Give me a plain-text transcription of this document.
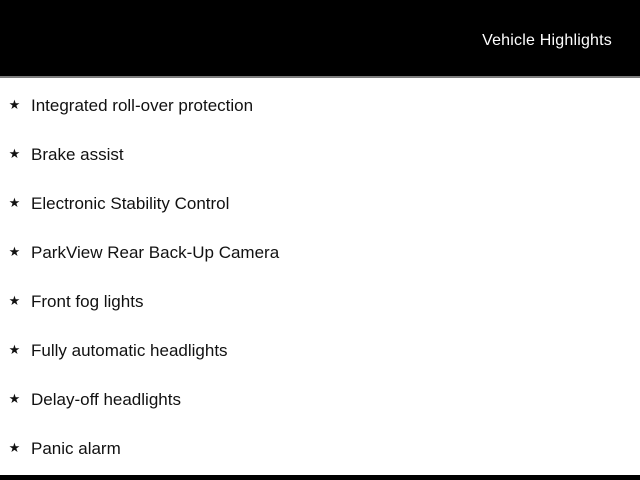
Vehicle Highlights
★ Integrated roll-over protection
★ Brake assist
★ Electronic Stability Control
★ ParkView Rear Back-Up Camera
★ Front fog lights
★ Fully automatic headlights
★ Delay-off headlights
★ Panic alarm
